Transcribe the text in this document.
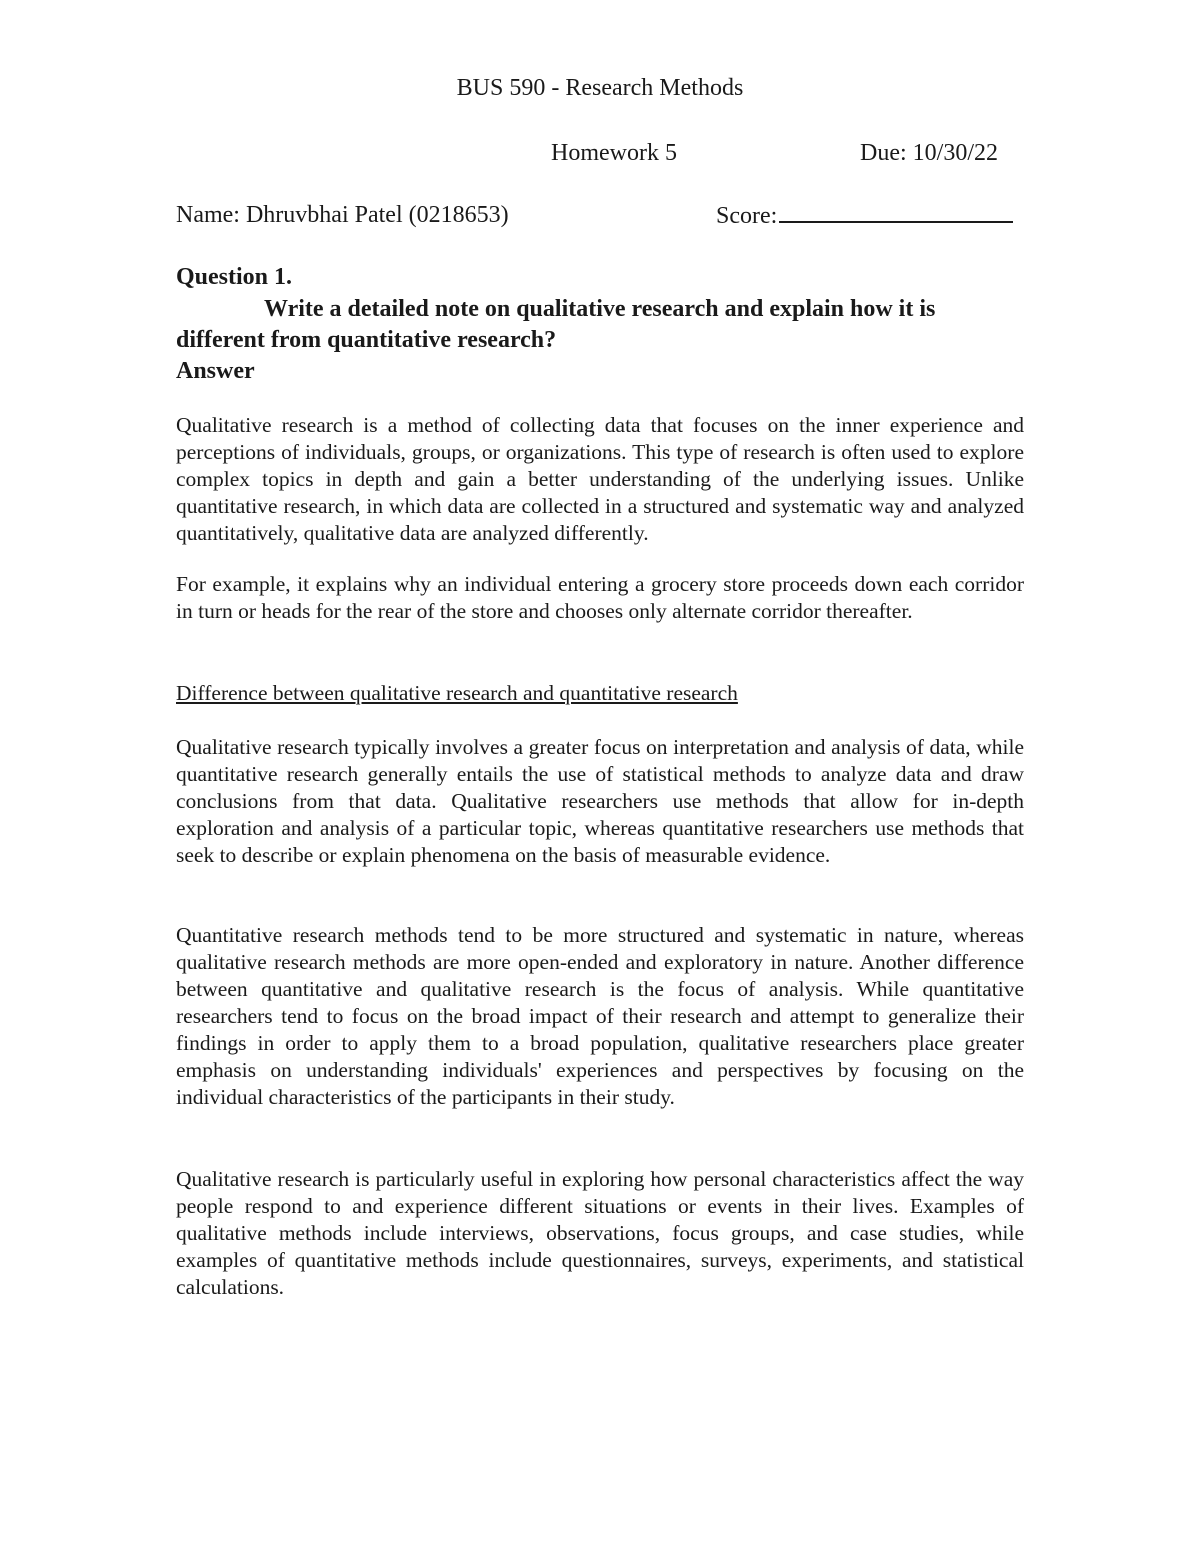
BUS 590 - Research Methods
Homework 5	Due: 10/30/22
Name: Dhruvbhai Patel (0218653)	Score:
Question 1.
Write a detailed note on qualitative research and explain how it is different from quantitative research?
Answer

Qualitative research is a method of collecting data that focuses on the inner experience and perceptions of individuals, groups, or organizations. This type of research is often used to explore complex topics in depth and gain a better understanding of the underlying issues. Unlike quantitative research, in which data are collected in a structured and systematic way and analyzed quantitatively, qualitative data are analyzed differently.

For example, it explains why an individual entering a grocery store proceeds down each corridor in turn or heads for the rear of the store and chooses only alternate corridor thereafter.

Difference between qualitative research and quantitative research

Qualitative research typically involves a greater focus on interpretation and analysis of data, while quantitative research generally entails the use of statistical methods to analyze data and draw conclusions from that data. Qualitative researchers use methods that allow for in-depth exploration and analysis of a particular topic, whereas quantitative researchers use methods that seek to describe or explain phenomena on the basis of measurable evidence.

Quantitative research methods tend to be more structured and systematic in nature, whereas qualitative research methods are more open-ended and exploratory in nature. Another difference between quantitative and qualitative research is the focus of analysis. While quantitative researchers tend to focus on the broad impact of their research and attempt to generalize their findings in order to apply them to a broad population, qualitative researchers place greater emphasis on understanding individuals' experiences and perspectives by focusing on the individual characteristics of the participants in their study.

Qualitative research is particularly useful in exploring how personal characteristics affect the way people respond to and experience different situations or events in their lives. Examples of qualitative methods include interviews, observations, focus groups, and case studies, while examples of quantitative methods include questionnaires, surveys, experiments, and statistical calculations.
